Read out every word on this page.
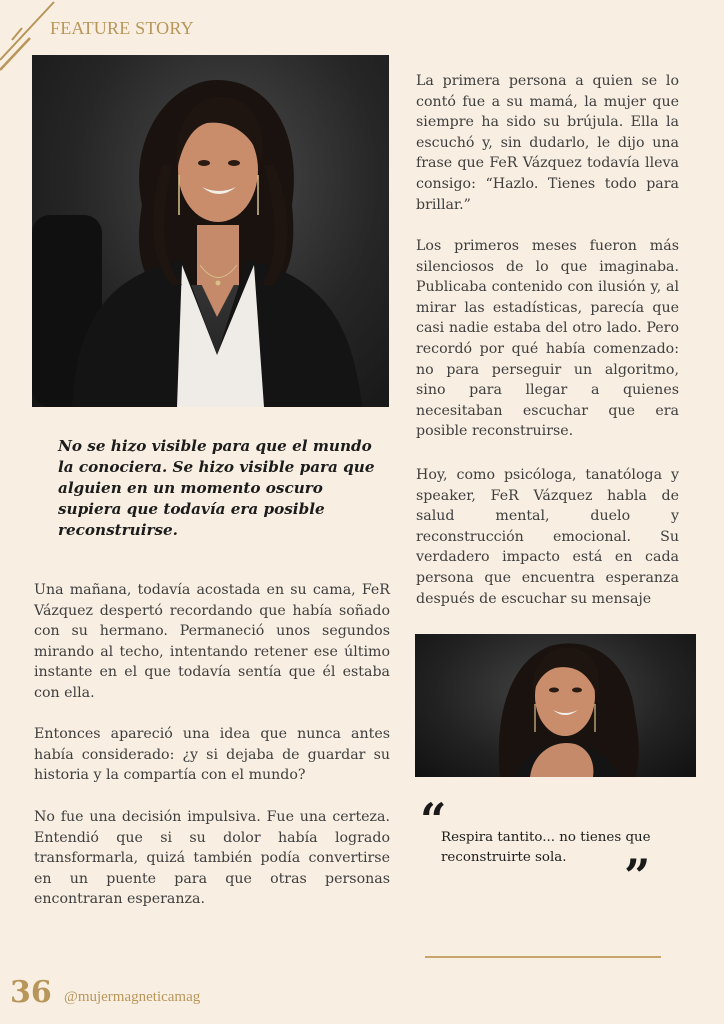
FEATURE STORY
No se hizo visible para que el mundo la conociera. Se hizo visible para que alguien en un momento oscuro supiera que todavía era posible reconstruirse.

Una mañana, todavía acostada en su cama, FeR Vázquez despertó recordando que había soñado con su hermano. Permaneció unos segundos mirando al techo, intentando retener ese último instante en el que todavía sentía que él estaba con ella.

Entonces apareció una idea que nunca antes había considerado: ¿y si dejaba de guardar su historia y la compartía con el mundo?

No fue una decisión impulsiva. Fue una certeza. Entendió que si su dolor había logrado transformarla, quizá también podía convertirse en un puente para que otras personas encontraran esperanza.

La primera persona a quien se lo contó fue a su mamá, la mujer que siempre ha sido su brújula. Ella la escuchó y, sin dudarlo, le dijo una frase que FeR Vázquez todavía lleva consigo: “Hazlo. Tienes todo para brillar.”

Los primeros meses fueron más silenciosos de lo que imaginaba. Publicaba contenido con ilusión y, al mirar las estadísticas, parecía que casi nadie estaba del otro lado. Pero recordó por qué había comenzado: no para perseguir un algoritmo, sino para llegar a quienes necesitaban escuchar que era posible reconstruirse.

Hoy, como psicóloga, tanatóloga y speaker, FeR Vázquez habla de salud mental, duelo y reconstrucción emocional. Su verdadero impacto está en cada persona que encuentra esperanza después de escuchar su mensaje

“
Respira tantito... no tienes que reconstruirte sola.	”
36 @mujermagneticamag
